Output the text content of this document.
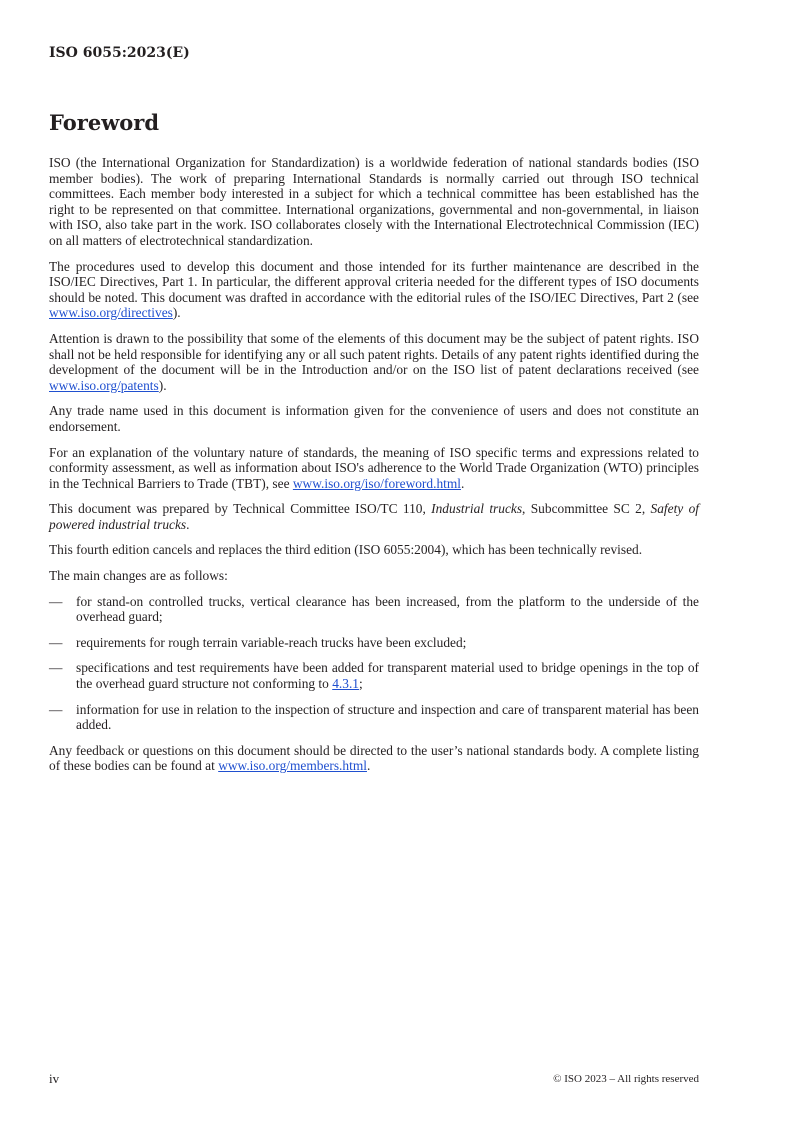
ISO 6055:2023(E)
Foreword

ISO (the International Organization for Standardization) is a worldwide federation of national standards bodies (ISO member bodies). The work of preparing International Standards is normally carried out through ISO technical committees. Each member body interested in a subject for which a technical committee has been established has the right to be represented on that committee. International organizations, governmental and non-governmental, in liaison with ISO, also take part in the work. ISO collaborates closely with the International Electrotechnical Commission (IEC) on all matters of electrotechnical standardization.

The procedures used to develop this document and those intended for its further maintenance are described in the ISO/IEC Directives, Part 1. In particular, the different approval criteria needed for the different types of ISO documents should be noted. This document was drafted in accordance with the editorial rules of the ISO/IEC Directives, Part 2 (see www.iso.org/directives).

Attention is drawn to the possibility that some of the elements of this document may be the subject of patent rights. ISO shall not be held responsible for identifying any or all such patent rights. Details of any patent rights identified during the development of the document will be in the Introduction and/or on the ISO list of patent declarations received (see www.iso.org/patents).

Any trade name used in this document is information given for the convenience of users and does not constitute an endorsement.

For an explanation of the voluntary nature of standards, the meaning of ISO specific terms and expressions related to conformity assessment, as well as information about ISO's adherence to the World Trade Organization (WTO) principles in the Technical Barriers to Trade (TBT), see www.iso.org/iso/foreword.html.

This document was prepared by Technical Committee ISO/TC 110, Industrial trucks, Subcommittee SC 2, Safety of powered industrial trucks.

This fourth edition cancels and replaces the third edition (ISO 6055:2004), which has been technically revised.

The main changes are as follows:

— for stand-on controlled trucks, vertical clearance has been increased, from the platform to the underside of the overhead guard;
— requirements for rough terrain variable-reach trucks have been excluded;
— specifications and test requirements have been added for transparent material used to bridge openings in the top of the overhead guard structure not conforming to 4.3.1;
— information for use in relation to the inspection of structure and inspection and care of transparent material has been added.

Any feedback or questions on this document should be directed to the user’s national standards body. A complete listing of these bodies can be found at www.iso.org/members.html.

iv	© ISO 2023 – All rights reserved
